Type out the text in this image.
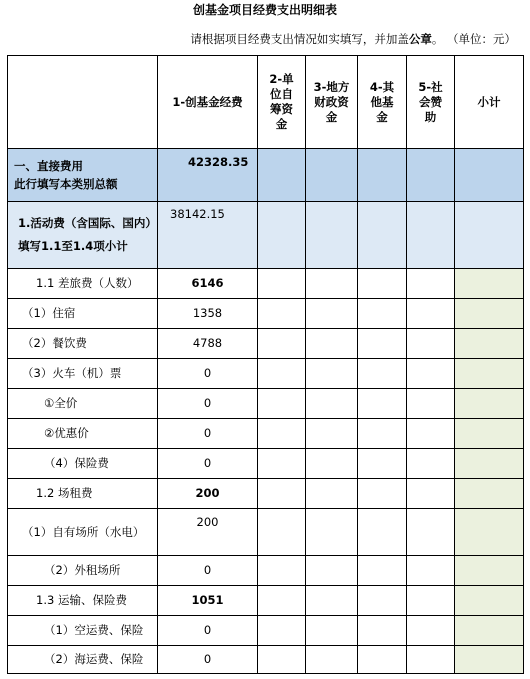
创基金项目经费支出明细表
请根据项目经费支出情况如实填写，并加盖公章。 （单位：元）
	1-创基金经费	2-单位自筹资金	3-地方财政资金	4-其他基金	5-社会赞助	小计

一、直接费用
此行填写本类别总额	42328.35					

1.活动费（含国际、国内）
填写1.1至1.4项小计	38142.15					
1.1 差旅费（人数）	6146					
（1）住宿	1358					
（2）餐饮费	4788					
（3）火车（机）票	0					
①全价	0					
②优惠价	0					
（4）保险费	0					
1.2 场租费	200					
（1）自有场所（水电）	200					
（2）外租场所	0					
1.3 运输、保险费	1051					
（1）空运费、保险	0					
（2）海运费、保险	0					
